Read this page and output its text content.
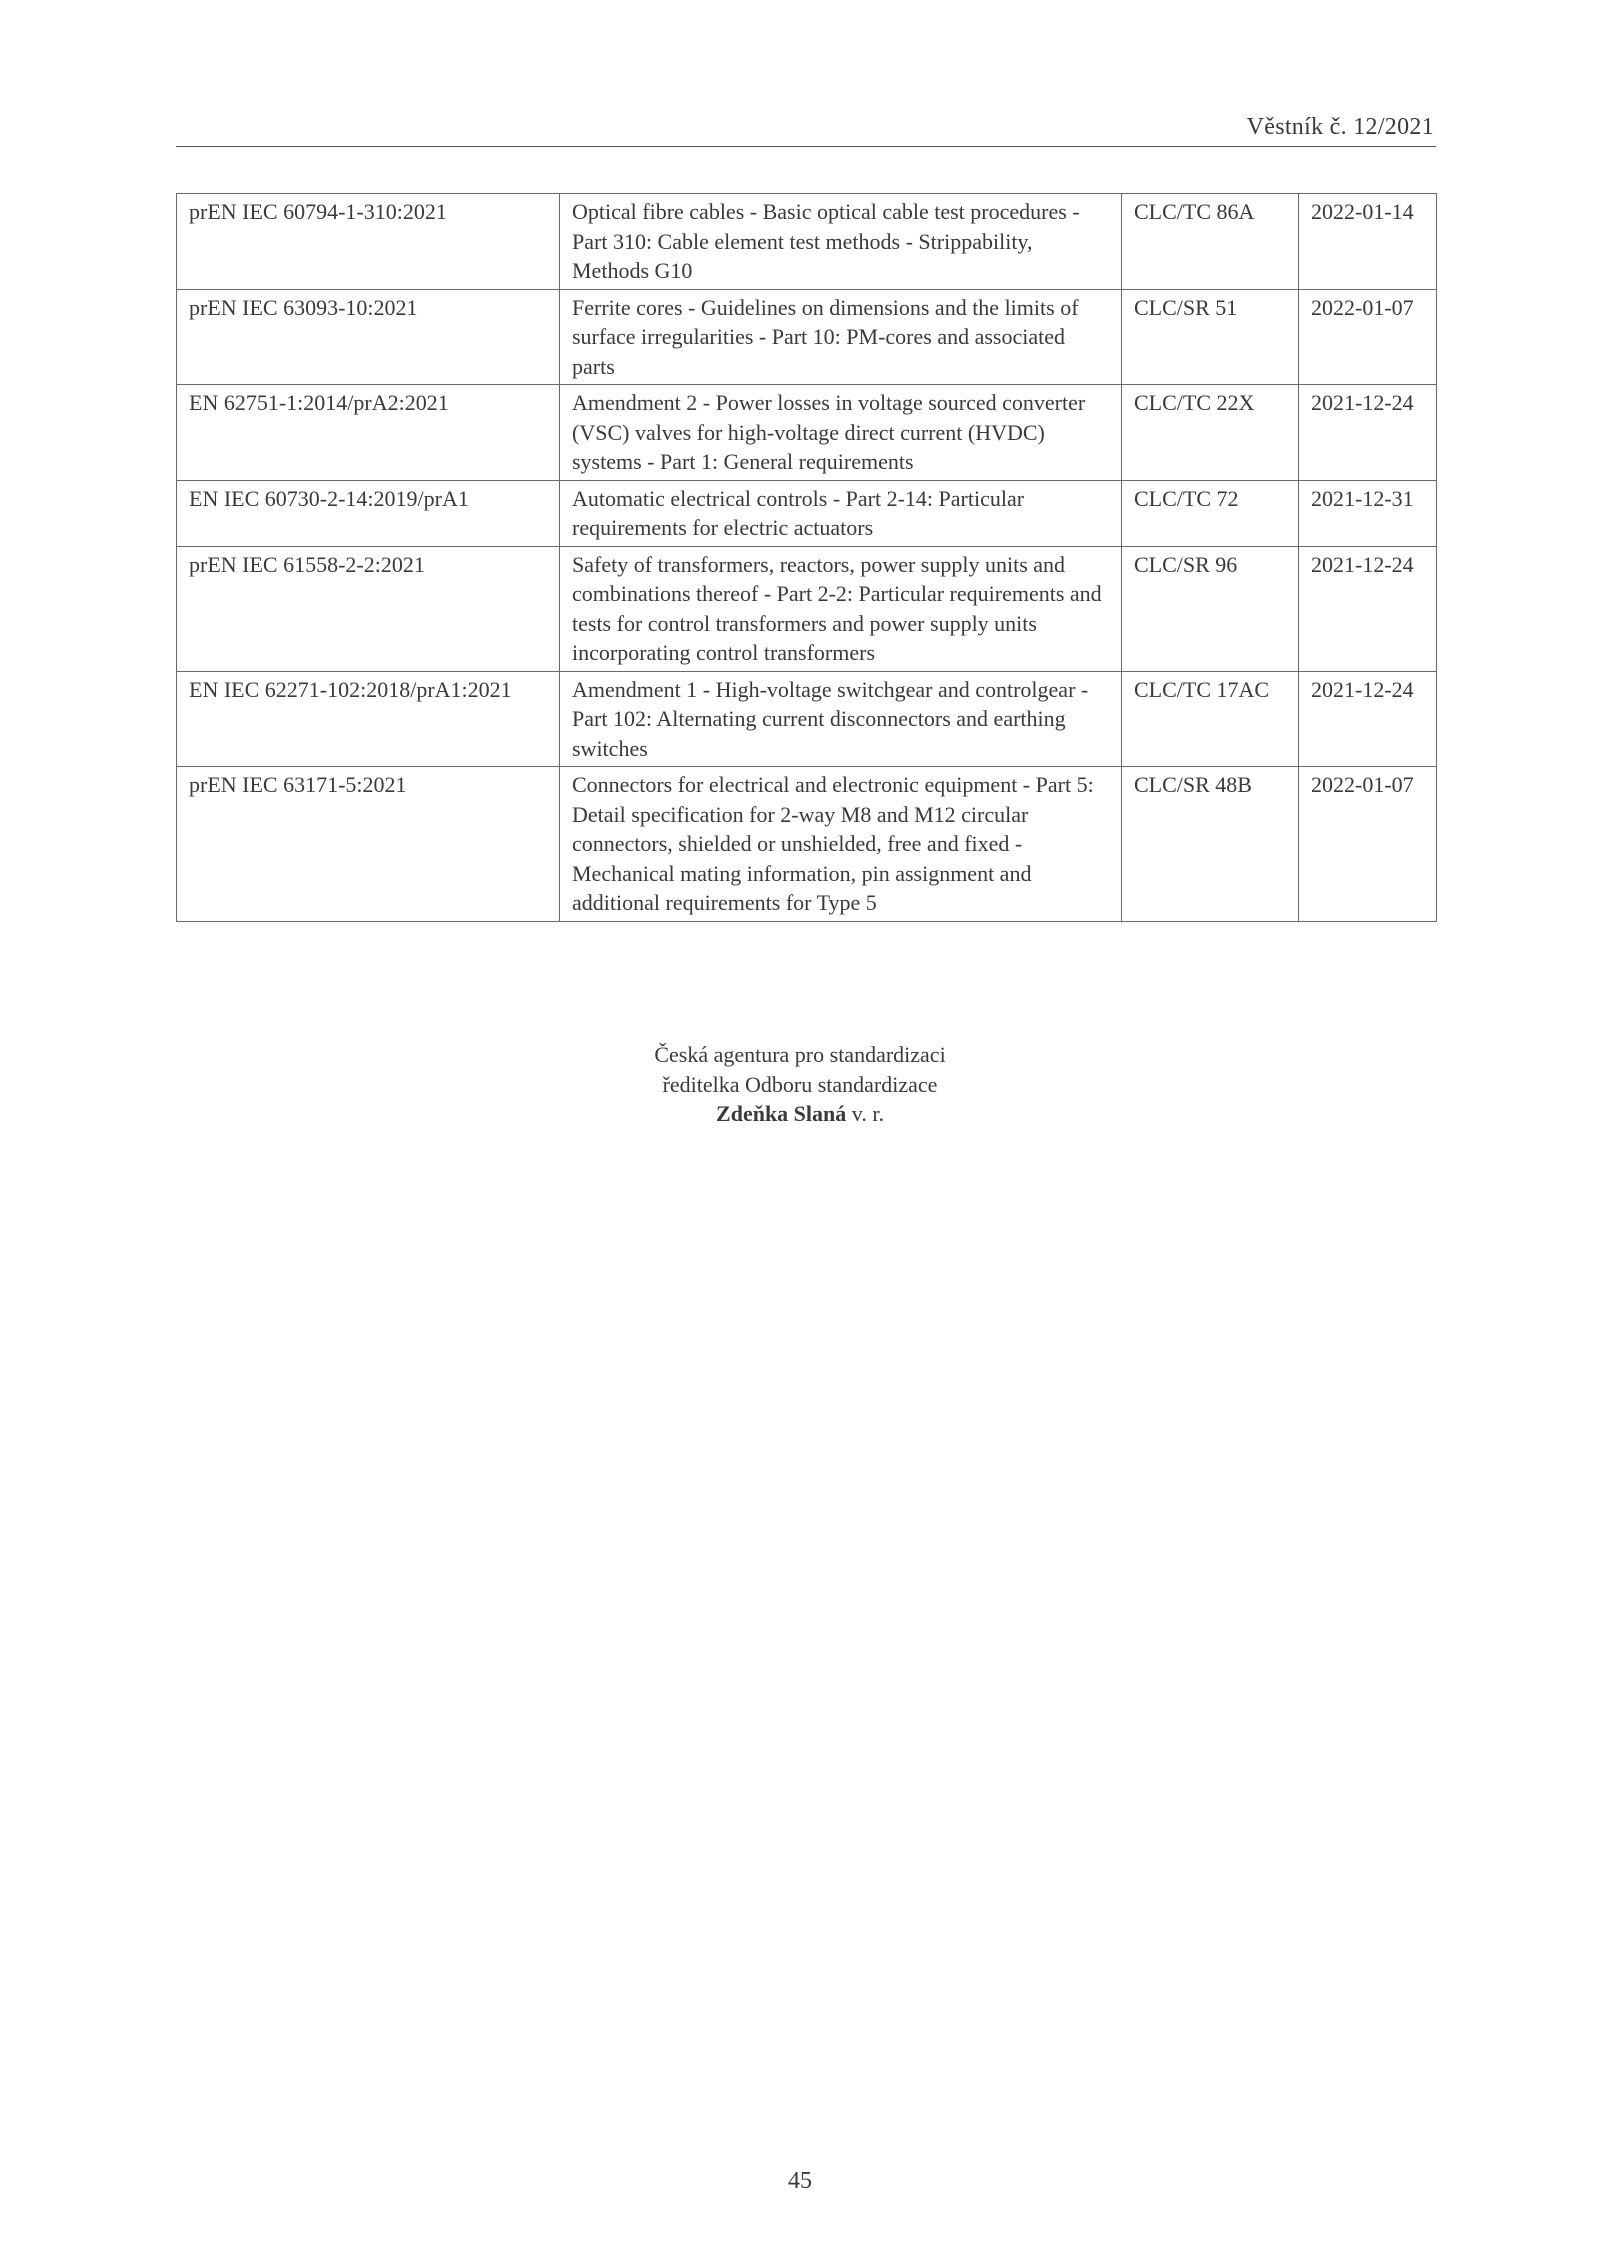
Věstník č. 12/2021
prEN IEC 60794-1-310:2021	Optical fibre cables - Basic optical cable test procedures - Part 310: Cable element test methods - Strippability, Methods G10	CLC/TC 86A	2022-01-14
prEN IEC 63093-10:2021	Ferrite cores - Guidelines on dimensions and the limits of surface irregularities - Part 10: PM-cores and associated parts	CLC/SR 51	2022-01-07
EN 62751-1:2014/prA2:2021	Amendment 2 - Power losses in voltage sourced converter (VSC) valves for high-voltage direct current (HVDC) systems - Part 1: General requirements	CLC/TC 22X	2021-12-24
EN IEC 60730-2-14:2019/prA1	Automatic electrical controls - Part 2-14: Particular requirements for electric actuators	CLC/TC 72	2021-12-31
prEN IEC 61558-2-2:2021	Safety of transformers, reactors, power supply units and combinations thereof - Part 2-2: Particular requirements and tests for control transformers and power supply units incorporating control transformers	CLC/SR 96	2021-12-24
EN IEC 62271-102:2018/prA1:2021	Amendment 1 - High-voltage switchgear and controlgear - Part 102: Alternating current disconnectors and earthing switches	CLC/TC 17AC	2021-12-24
prEN IEC 63171-5:2021	Connectors for electrical and electronic equipment - Part 5: Detail specification for 2-way M8 and M12 circular connectors, shielded or unshielded, free and fixed - Mechanical mating information, pin assignment and additional requirements for Type 5	CLC/SR 48B	2022-01-07
Česká agentura pro standardizaci
ředitelka Odboru standardizace
Zdeňka Slaná v. r.
45
